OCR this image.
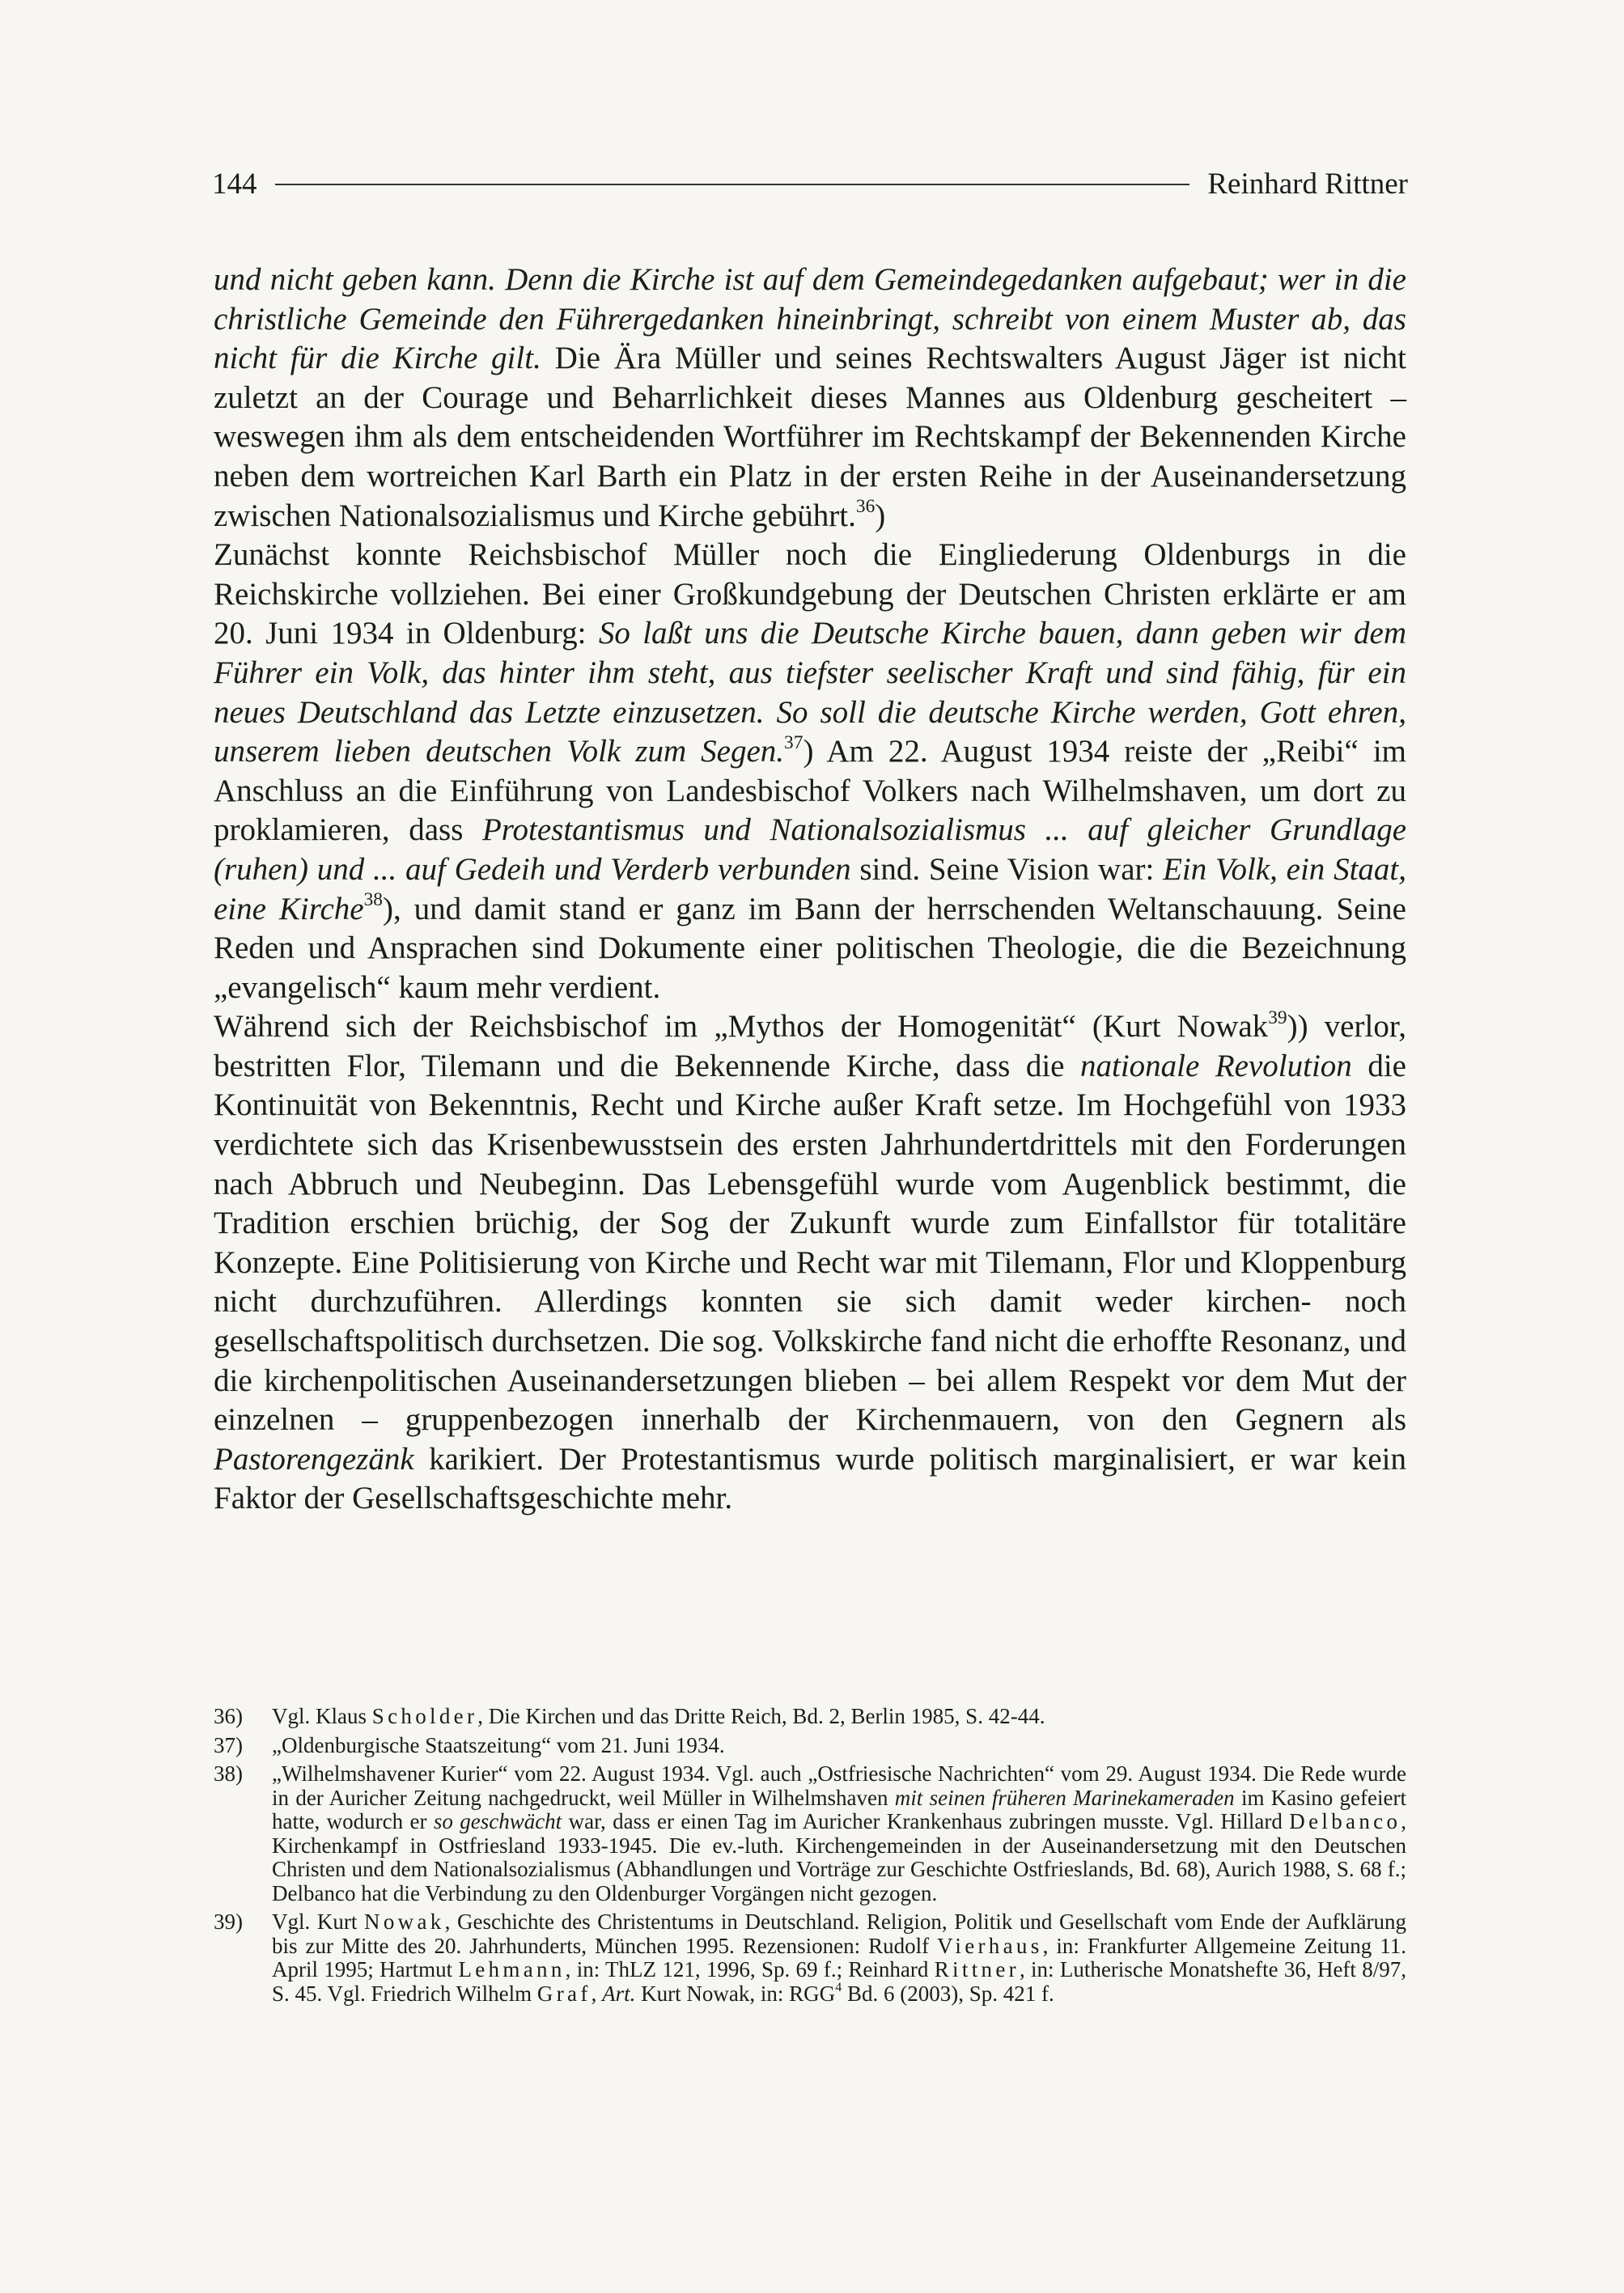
144	Reinhard Rittner

und nicht geben kann. Denn die Kirche ist auf dem Gemeindegedanken aufgebaut; wer in die christliche Gemeinde den Führergedanken hineinbringt, schreibt von einem Muster ab, das nicht für die Kirche gilt. Die Ära Müller und seines Rechtswalters August Jäger ist nicht zuletzt an der Courage und Beharrlichkeit dieses Mannes aus Oldenburg gescheitert – weswegen ihm als dem entscheidenden Wortführer im Rechtskampf der Bekennenden Kirche neben dem wortreichen Karl Barth ein Platz in der ersten Reihe in der Auseinandersetzung zwischen Nationalsozialismus und Kirche gebührt.$^{36}$)

Zunächst konnte Reichsbischof Müller noch die Eingliederung Oldenburgs in die Reichskirche vollziehen. Bei einer Großkundgebung der Deutschen Christen erklärte er am 20. Juni 1934 in Oldenburg: So laßt uns die Deutsche Kirche bauen, dann geben wir dem Führer ein Volk, das hinter ihm steht, aus tiefster seelischer Kraft und sind fähig, für ein neues Deutschland das Letzte einzusetzen. So soll die deutsche Kirche werden, Gott ehren, unserem lieben deutschen Volk zum Segen.$^{37}$) Am 22. August 1934 reiste der „Reibi“ im Anschluss an die Einführung von Landesbischof Volkers nach Wilhelmshaven, um dort zu proklamieren, dass Protestantismus und Nationalsozialismus ... auf gleicher Grundlage (ruhen) und ... auf Gedeih und Verderb verbunden sind. Seine Vision war: Ein Volk, ein Staat, eine Kirche$^{38}$), und damit stand er ganz im Bann der herrschenden Weltanschauung. Seine Reden und Ansprachen sind Dokumente einer politischen Theologie, die die Bezeichnung „evangelisch“ kaum mehr verdient.

Während sich der Reichsbischof im „Mythos der Homogenität“ (Kurt Nowak$^{39}$)) verlor, bestritten Flor, Tilemann und die Bekennende Kirche, dass die nationale Revolution die Kontinuität von Bekenntnis, Recht und Kirche außer Kraft setze. Im Hochgefühl von 1933 verdichtete sich das Krisenbewusstsein des ersten Jahrhundertdrittels mit den Forderungen nach Abbruch und Neubeginn. Das Lebensgefühl wurde vom Augenblick bestimmt, die Tradition erschien brüchig, der Sog der Zukunft wurde zum Einfallstor für totalitäre Konzepte. Eine Politisierung von Kirche und Recht war mit Tilemann, Flor und Kloppenburg nicht durchzuführen. Allerdings konnten sie sich damit weder kirchen- noch gesellschaftspolitisch durchsetzen. Die sog. Volkskirche fand nicht die erhoffte Resonanz, und die kirchenpolitischen Auseinandersetzungen blieben – bei allem Respekt vor dem Mut der einzelnen – gruppenbezogen innerhalb der Kirchenmauern, von den Gegnern als Pastorengezänk karikiert. Der Protestantismus wurde politisch marginalisiert, er war kein Faktor der Gesellschaftsgeschichte mehr.

36)	Vgl. Klaus Scholder, Die Kirchen und das Dritte Reich, Bd. 2, Berlin 1985, S. 42-44.
37)	„Oldenburgische Staatszeitung“ vom 21. Juni 1934.
38)	„Wilhelmshavener Kurier“ vom 22. August 1934. Vgl. auch „Ostfriesische Nachrichten“ vom 29. August 1934. Die Rede wurde in der Auricher Zeitung nachgedruckt, weil Müller in Wilhelmshaven mit seinen früheren Marinekameraden im Kasino gefeiert hatte, wodurch er so geschwächt war, dass er einen Tag im Auricher Krankenhaus zubringen musste. Vgl. Hillard Delbanco, Kirchenkampf in Ostfriesland 1933-1945. Die ev.-luth. Kirchengemeinden in der Auseinandersetzung mit den Deutschen Christen und dem Nationalsozialismus (Abhandlungen und Vorträge zur Geschichte Ostfrieslands, Bd. 68), Aurich 1988, S. 68 f.; Delbanco hat die Verbindung zu den Oldenburger Vorgängen nicht gezogen.
39)	Vgl. Kurt Nowak, Geschichte des Christentums in Deutschland. Religion, Politik und Gesellschaft vom Ende der Aufklärung bis zur Mitte des 20. Jahrhunderts, München 1995. Rezensionen: Rudolf Vierhaus, in: Frankfurter Allgemeine Zeitung 11. April 1995; Hartmut Lehmann, in: ThLZ 121, 1996, Sp. 69 f.; Reinhard Rittner, in: Lutherische Monatshefte 36, Heft 8/97, S. 45. Vgl. Friedrich Wilhelm Graf, Art. Kurt Nowak, in: RGG$^4$ Bd. 6 (2003), Sp. 421 f.
